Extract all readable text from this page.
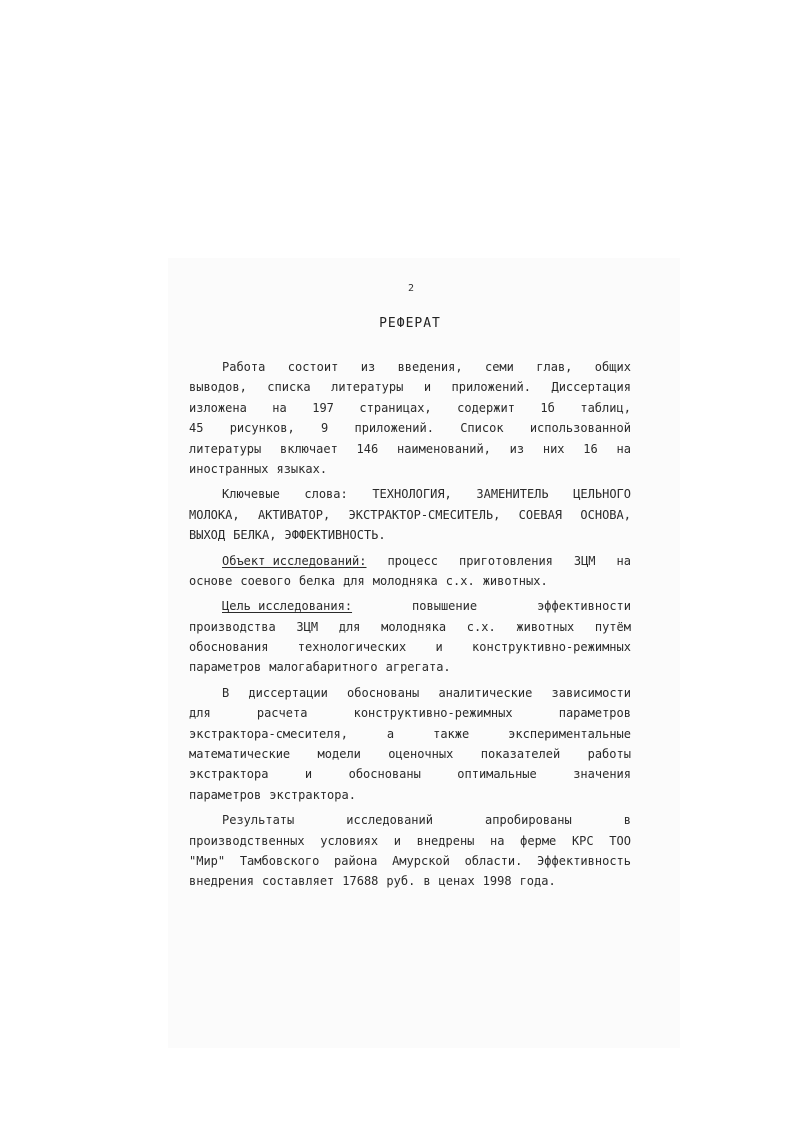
2
РЕФЕРАТ
Работа состоит из введения, семи глав, общих
выводов, списка литературы и приложений. Диссертация
изложена на 197 страницах, содержит 1б таблиц,
45 рисунков, 9 приложений. Список использованной
литературы включает 146 наименований, из них 16 на
иностранных языках.
Ключевые слова: ТЕХНОЛОГИЯ, ЗАМЕНИТЕЛЬ ЦЕЛЬНОГО
МОЛОКА, АКТИВАТОР, ЭКСТРАКТОР-СМЕСИТЕЛЬ, СОЕВАЯ ОСНОВА,
ВЫХОД БЕЛКА, ЭФФЕКТИВНОСТЬ.
Объект исследований: процесс приготовления ЗЦМ на
основе соевого белка для молодняка с.х. животных.
Цель исследования:	повышение	эффективности
производства ЗЦМ для молодняка с.х. животных путём
обоснования технологических и конструктивно-режимных
параметров малогабаритного агрегата.
В диссертации обоснованы аналитические зависимости
для	расчета	конструктивно-режимных	параметров
экстрактора-смесителя,	а	также	экспериментальные
математические модели оценочных показателей работы
экстрактора	и	обоснованы	оптимальные	значения
параметров экстрактора.
Результаты	исследований	апробированы	в
производственных условиях и внедрены на ферме КРС ТОО
"Мир" Тамбовского района Амурской области. Эффективность
внедрения составляет 17688 руб. в ценах 1998 года.
